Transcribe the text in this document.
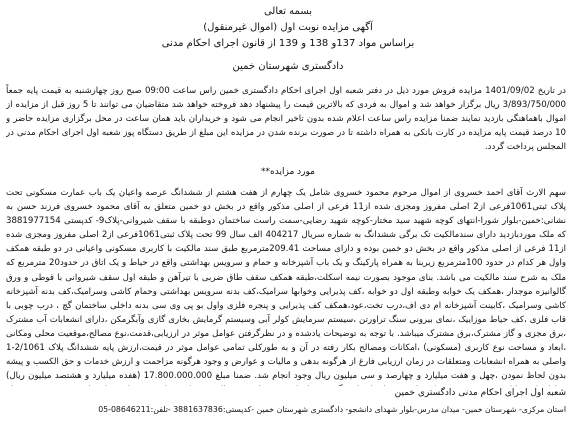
بسمه تعالی
آگهی مزایده نوبت اول (اموال غیرمنقول)
براساس مواد 137و 138 و 139 از قانون اجرای احکام مدنی
دادگستری شهرستان خمین
در تاریخ 1401/09/02 مزایده فروش مورد ذیل در دفتر شعبه اول اجرای احکام دادگستری خمین راس ساعت 09:00 صبح روز چهارشنبه به قیمت پایه جمعاً 3/893/750/000 ریال برگزار خواهد شد و اموال به فردی که بالاترین قیمت را پیشنهاد دهد فروخته خواهد شد متقاضیان می توانند تا 5 روز قبل از مزایده از اموال باهماهنگی بازدید نمایند ضمنا مزایده راس ساعت اعلام شده بدون تاخیر انجام می شود و خریداران باید همان ساعت در محل برگزاری مزایده حاضر و 10 درصد قیمت پایه مزایده در کارت بانکی به همراه داشته تا در صورت برنده شدن در مزایده این مبلغ از طریق دستگاه پوز شعبه اول اجرای احکام مدنی در المجلس پرداخت گردد.
مورد مزایده**
سهم الارث آقای احمد خسروی از اموال مرحوم محمود خسروی شامل یک چهارم از هفت هشتم از ششدانگ عرصه واعیان یک باب عمارت مسکونی تحت پلاک ثبتی1061فرعی از2 اصلی مفروز ومجزی شده از11 فرعی از اصلی مذکور واقع در بخش دو خمین متعلق به آقای محمود خسروی فرزند حسن به نشانی:خمین-بلوار شورا-انتهای کوچه شهید سید مختار-کوچه شهید رضایی-سمت راست ساختمان دوطبقه با سقف شیروانی-پلاک9- کدپستی 3881977154 که ملک موردبازدید دارای سندمالکیت تک برگی ششدانگ به شماره سریال 404217 الف سال 99 تحت پلاک ثبتی1061فرعی از2 اصلی مفروز ومجزی شده از11 فرعی از اصلی مذکور واقع در بخش دو خمین بوده و دارای مساحت 209.41مترمربع طبق سند مالکیت با کاربری مسکونی واعیانی در دو طبقه همکف واول هر کدام در حدود 100مترمربع زیربنا به همراه پارکینگ و یک باب آشپزخانه و حمام و سرویس بهداشتی واقع در حیاط و یک اتاق در حدود20 مترمربع که ملک به شرح سند مالکیت می باشد. بنای موجود بصورت نیمه اسکلت،طبقه همکف سقف طاق ضربی با تیرآهن و طبقه اول سقف شیروانی با قوطی و ورق گالوانیزه موجدار ،همکف یک خوابه وطبقه اول دو خوابه ،کف پذیرایی وخوابها سرامیک،کف بدنه سرویس بهداشتی وحمام کاشی وسرامیک،کف بدنه آشپزخانه کاشی وسرامیک ،کابینت آشپزخانه ام دی اف،درب تخت،عود،همکف کف پذیرایی و پنجره فلزی واول بو پی وی سی بدنه داخلی ساختمان گچ ، درب چوبی با قاب فلزی ،کف حیاط موزاییک ،نمای بیرونی سنگ تراورتن ،سیستم سرمایش کولر آبی وسیستم گرمایش بخاری گازی وآبگرمکن ،دارای انشعابات آب مشترک ،برق مجزی و گاز مشترک،برق مشترک میباشد. با توجه به توضیحات یادشده و در نظرگرفتن عوامل موثر در ارزیابی،قدمت،نوع مصالح،موقعیت محلی ومکانی ،ابعاد و مساحت نوع کاربری (مسکونی) ،امکانات ومصالح بکار رفته در آن و به طورکلی تمامی عوامل موثر در قیمت،ارزش پایه ششدانگ پلاک 2/1061-1 واصلی به همراه انشعابات ومتعلقات در زمان ارزیابی فارغ از هرگونه بدهی و مالیات و عوارض و وجود هرگونه مزاحمت و ارزش خدمات و حق الکسب و پیشه بدون لحاظ نمودن ،چهل و هفت میلیارد و چهارصد و سی میلیون ریال وجود انجام شد. ضمنا مبلغ 17.800.000.000 (هفده میلیارد و هشتصد میلیون ریال)
شعبه اول اجرای احکام مدنی دادگستری خمین
استان مرکزی- شهرستان خمین- میدان مدرس-بلوار شهدای دانشجو- دادگستری شهرستان خمین -کدپستی:3881637836 -تلفن:08646211-05
